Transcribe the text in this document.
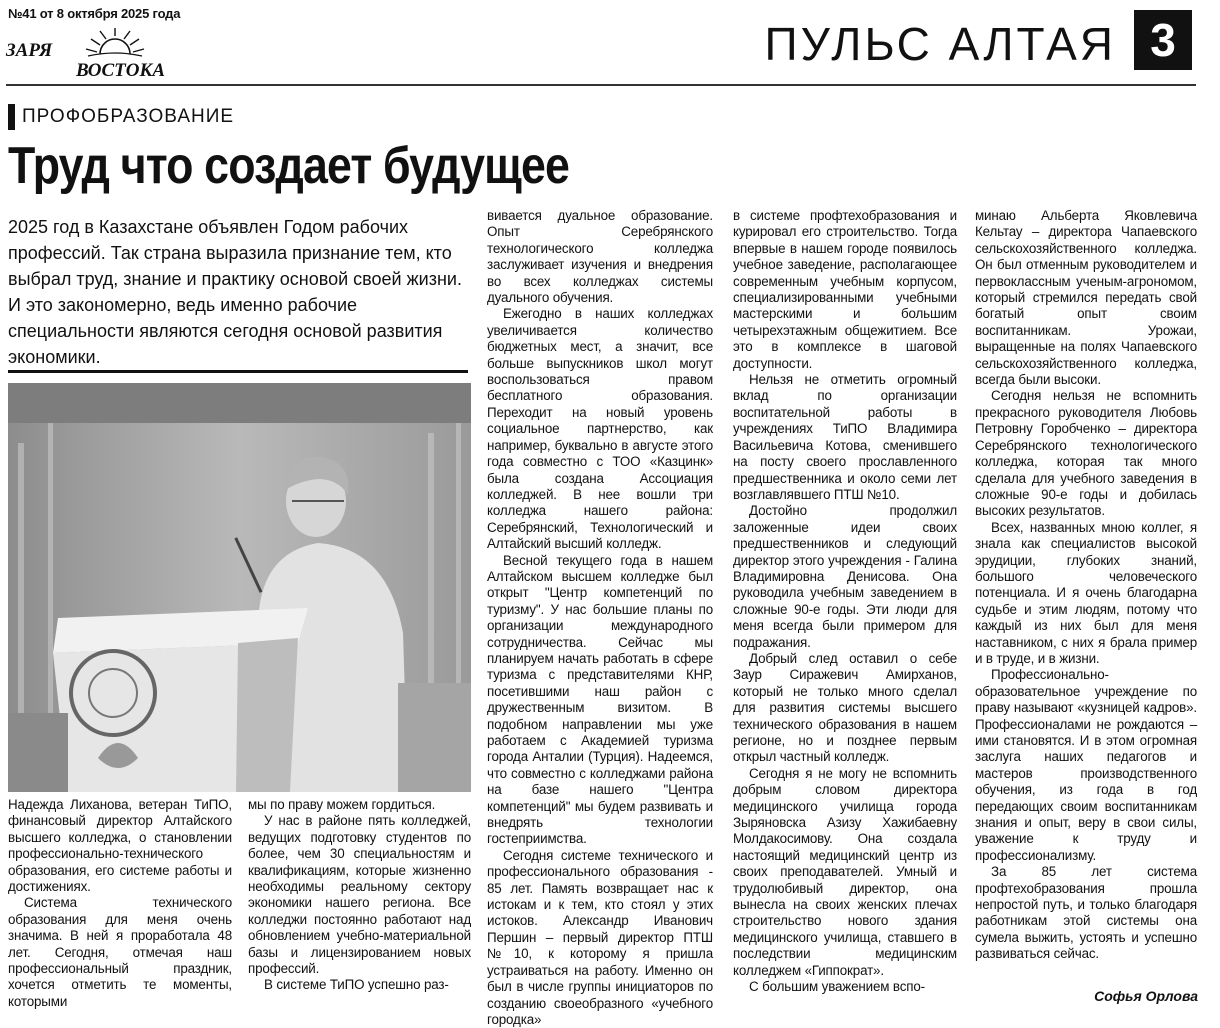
№41 от 8 октября 2025 года
ЗАРЯ
ВОСТОКА
ПУЛЬС АЛТАЯ 3
ПРОФОБРАЗОВАНИЕ
Труд что создает будущее
2025 год в Казахстане объявлен Годом рабочих профессий. Так страна выразила признание тем, кто выбрал труд, знание и практику основой своей жизни. И это закономерно, ведь именно рабочие специальности являются сегодня основой развития экономики.

Надежда Лиханова, ветеран ТиПО, финансовый директор Алтайского высшего колледжа, о становлении профессионально-технического образования, его системе работы и достижениях.

Система технического образования для меня очень значима. В ней я проработала 48 лет. Сегодня, отмечая наш профессиональный праздник, хочется отметить те моменты, которыми

мы по праву можем гордиться.

У нас в районе пять колледжей, ведущих подготовку студентов по более, чем 30 специальностям и квалификациям, которые жизненно необходимы реальному сектору экономики нашего региона. Все колледжи постоянно работают над обновлением учебно-материальной базы и лицензированием новых профессий.

В системе ТиПО успешно раз-

вивается дуальное образование. Опыт Серебрянского технологического колледжа заслуживает изучения и внедрения во всех колледжах системы дуального обучения.

Ежегодно в наших колледжах увеличивается количество бюджетных мест, а значит, все больше выпускников школ могут воспользоваться правом бесплатного образования. Переходит на новый уровень социальное партнерство, как например, буквально в августе этого года совместно с ТОО «Казцинк» была создана Ассоциация колледжей. В нее вошли три колледжа нашего района: Серебрянский, Технологический и Алтайский высший колледж.

Весной текущего года в нашем Алтайском высшем колледже был открыт "Центр компетенций по туризму". У нас большие планы по организации международного сотрудничества. Сейчас мы планируем начать работать в сфере туризма с представителями КНР, посетившими наш район с дружественным визитом. В подобном направлении мы уже работаем с Академией туризма города Анталии (Турция). Надеемся, что совместно с колледжами района на базе нашего "Центра компетенций" мы будем развивать и внедрять технологии гостеприимства.

Сегодня системе технического и профессионального образования - 85 лет. Память возвращает нас к истокам и к тем, кто стоял у этих истоков. Александр Иванович Першин – первый директор ПТШ №10, к которому я пришла устраиваться на работу. Именно он был в числе группы инициаторов по созданию своеобразного «учебного городка»

в системе профтехобразования и курировал его строительство. Тогда впервые в нашем городе появилось учебное заведение, располагающее современным учебным корпусом, специализированными учебными мастерскими и большим четырехэтажным общежитием. Все это в комплексе в шаговой доступности.

Нельзя не отметить огромный вклад по организации воспитательной работы в учреждениях ТиПО Владимира Васильевича Котова, сменившего на посту своего прославленного предшественника и около семи лет возглавлявшего ПТШ №10.

Достойно продолжил заложенные идеи своих предшественников и следующий директор этого учреждения - Галина Владимировна Денисова. Она руководила учебным заведением в сложные 90-е годы. Эти люди для меня всегда были примером для подражания.

Добрый след оставил о себе Заур Сиражевич Амирханов, который не только много сделал для развития системы высшего технического образования в нашем регионе, но и позднее первым открыл частный колледж.

Сегодня я не могу не вспомнить добрым словом директора медицинского училища города Зыряновска Азизу Хажибаевну Молдакосимову. Она создала настоящий медицинский центр из своих преподавателей. Умный и трудолюбивый директор, она вынесла на своих женских плечах строительство нового здания медицинского училища, ставшего в последствии медицинским колледжем «Гиппократ».

С большим уважением вспо-

минаю Альберта Яковлевича Кельтау – директора Чапаевского сельскохозяйственного колледжа. Он был отменным руководителем и первоклассным ученым-агрономом, который стремился передать свой богатый опыт своим воспитанникам. Урожаи, выращенные на полях Чапаевского сельскохозяйственного колледжа, всегда были высоки.

Сегодня нельзя не вспомнить прекрасного руководителя Любовь Петровну Горобченко – директора Серебрянского технологического колледжа, которая так много сделала для учебного заведения в сложные 90-е годы и добилась высоких результатов.

Всех, названных мною коллег, я знала как специалистов высокой эрудиции, глубоких знаний, большого человеческого потенциала. И я очень благодарна судьбе и этим людям, потому что каждый из них был для меня наставником, с них я брала пример и в труде, и в жизни.

Профессионально-образовательное учреждение по праву называют «кузницей кадров». Профессионалами не рождаются – ими становятся. И в этом огромная заслуга наших педагогов и мастеров производственного обучения, из года в год передающих своим воспитанникам знания и опыт, веру в свои силы, уважение к труду и профессионализму.

За 85 лет система профтехобразования прошла непростой путь, и только благодаря работникам этой системы она сумела выжить, устоять и успешно развиваться сейчас.

Софья Орлова
